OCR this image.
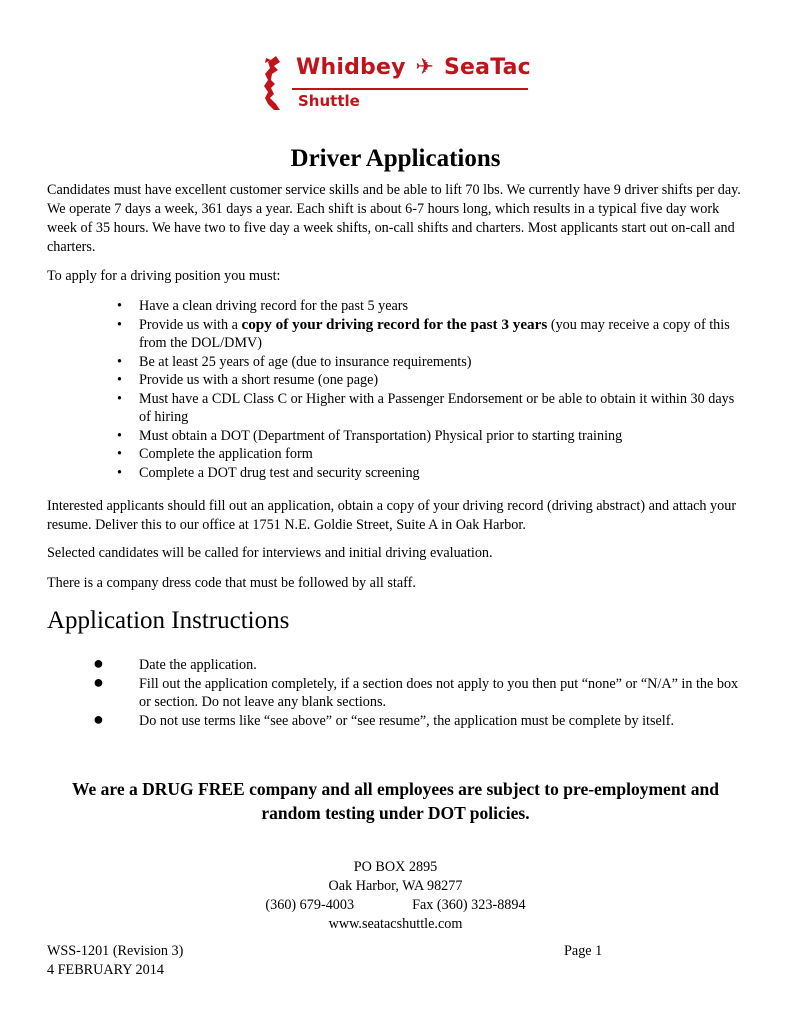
Whidbey ✈ SeaTac
Shuttle
Driver Applications

Candidates must have excellent customer service skills and be able to lift 70 lbs. We currently have 9 driver shifts per day. We operate 7 days a week, 361 days a year. Each shift is about 6-7 hours long, which results in a typical five day work week of 35 hours. We have two to five day a week shifts, on-call shifts and charters. Most applicants start out on-call and charters.

To apply for a driving position you must:

• Have a clean driving record for the past 5 years
• Provide us with a copy of your driving record for the past 3 years (you may receive a copy of this from the DOL/DMV)
• Be at least 25 years of age (due to insurance requirements)
• Provide us with a short resume (one page)
• Must have a CDL Class C or Higher with a Passenger Endorsement or be able to obtain it within 30 days of hiring
• Must obtain a DOT (Department of Transportation) Physical prior to starting training
• Complete the application form
• Complete a DOT drug test and security screening

Interested applicants should fill out an application, obtain a copy of your driving record (driving abstract) and attach your resume. Deliver this to our office at 1751 N.E. Goldie Street, Suite A in Oak Harbor.

Selected candidates will be called for interviews and initial driving evaluation.

There is a company dress code that must be followed by all staff.

Application Instructions
● Date the application.
● Fill out the application completely, if a section does not apply to you then put “none” or “N/A” in the box or section. Do not leave any blank sections.
● Do not use terms like “see above” or “see resume”, the application must be complete by itself.

We are a DRUG FREE company and all employees are subject to pre-employment and random testing under DOT policies.

PO BOX 2895
Oak Harbor, WA 98277
(360) 679-4003	Fax (360) 323-8894
www.seatacshuttle.com
WSS-1201 (Revision 3)
4 FEBRUARY 2014
Page 1
